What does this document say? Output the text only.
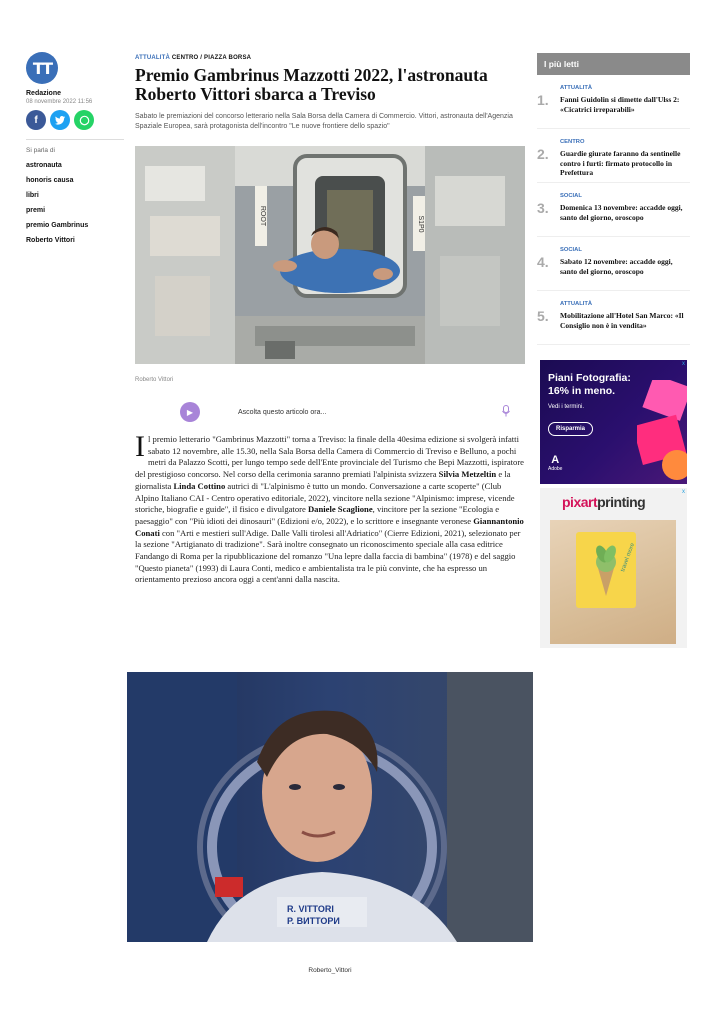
TT
Redazione
08 novembre 2022 11:56
f
Si parla di
astronauta
honoris causa
libri
premi
premio Gambrinus
Roberto Vittori
ATTUALITÀ CENTRO / PIAZZA BORSA
Premio Gambrinus Mazzotti 2022, l'astronauta Roberto Vittori sbarca a Treviso

Sabato le premiazioni del concorso letterario nella Sala Borsa della Camera di Commercio. Vittori, astronauta dell'Agenzia Spaziale Europea, sarà protagonista dell'incontro "Le nuove frontiere dello spazio"

ROOT	S1P0
Roberto Vittori
▶	Ascolta questo articolo ora...
Il premio letterario "Gambrinus Mazzotti" torna a Treviso: la finale della 40esima edizione si svolgerà infatti sabato 12 novembre, alle 15.30, nella Sala Borsa della Camera di Commercio di Treviso e Belluno, a pochi metri da Palazzo Scotti, per lungo tempo sede dell'Ente provinciale del Turismo che Bepi Mazzotti, ispiratore del prestigioso concorso. Nel corso della cerimonia saranno premiati l'alpinista svizzera Silvia Metzeltin e la giornalista Linda Cottino autrici di "L'alpinismo è tutto un mondo. Conversazione a carte scoperte" (Club Alpino Italiano CAI - Centro operativo editoriale, 2022), vincitore nella sezione "Alpinismo: imprese, vicende storiche, biografie e guide", il fisico e divulgatore Daniele Scaglione, vincitore per la sezione "Ecologia e paesaggio" con "Più idioti dei dinosauri" (Edizioni e/o, 2022), e lo scrittore e insegnante veronese Giannantonio Conati con "Arti e mestieri sull'Adige. Dalle Valli tirolesi all'Adriatico" (Cierre Edizioni, 2021), selezionato per la sezione "Artigianato di tradizione". Sarà inoltre consegnato un riconoscimento speciale alla casa editrice Fandango di Roma per la ripubblicazione del romanzo "Una lepre dalla faccia di bambina" (1978) e del saggio "Questo pianeta" (1993) di Laura Conti, medico e ambientalista tra le più convinte, che ha espresso un orientamento prezioso ancora oggi a cent'anni dalla nascita.
R. VITTORI
Р. ВИТТОРИ
Roberto_Vittori
I più letti
1.
ATTUALITÀ
Fanni Guidolin si dimette dall'Ulss 2: «Cicatrici irreparabili»
2.
CENTRO
Guardie giurate faranno da sentinelle contro i furti: firmato protocollo in Prefettura
3.
SOCIAL
Domenica 13 novembre: accadde oggi, santo del giorno, oroscopo
4.
SOCIAL
Sabato 12 novembre: accadde oggi, santo del giorno, oroscopo
5.
ATTUALITÀ
Mobilitazione all'Hotel San Marco: «Il Consiglio non è in vendita»
x
Piani Fotografia: 16% in meno.
Vedi i termini.
Risparmia
A
Adobe
x
pixartprinting
travel more
